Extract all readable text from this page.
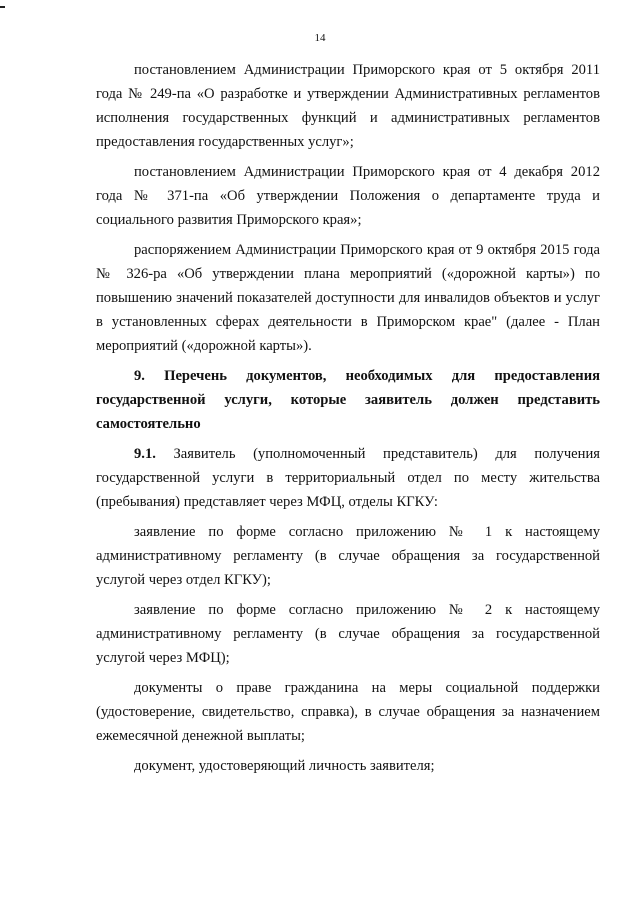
14

постановлением Администрации Приморского края от 5 октября 2011 года № 249-па «О разработке и утверждении Административных регламентов исполнения государственных функций и административных регламентов предоставления государственных услуг»;

постановлением Администрации Приморского края от 4 декабря 2012 года № 371-па «Об утверждении Положения о департаменте труда и социального развития Приморского края»;

распоряжением Администрации Приморского края от 9 октября 2015 года № 326-ра «Об утверждении плана мероприятий («дорожной карты») по повышению значений показателей доступности для инвалидов объектов и услуг в установленных сферах деятельности в Приморском крае" (далее - План мероприятий («дорожной карты»).

9. Перечень документов, необходимых для предоставления государственной услуги, которые заявитель должен представить самостоятельно

9.1. Заявитель (уполномоченный представитель) для получения государственной услуги в территориальный отдел по месту жительства (пребывания) представляет через МФЦ, отделы КГКУ:

заявление по форме согласно приложению № 1 к настоящему административному регламенту (в случае обращения за государственной услугой через отдел КГКУ);

заявление по форме согласно приложению № 2 к настоящему административному регламенту (в случае обращения за государственной услугой через МФЦ);

документы о праве гражданина на меры социальной поддержки (удостоверение, свидетельство, справка), в случае обращения за назначением ежемесячной денежной выплаты;

документ, удостоверяющий личность заявителя;
